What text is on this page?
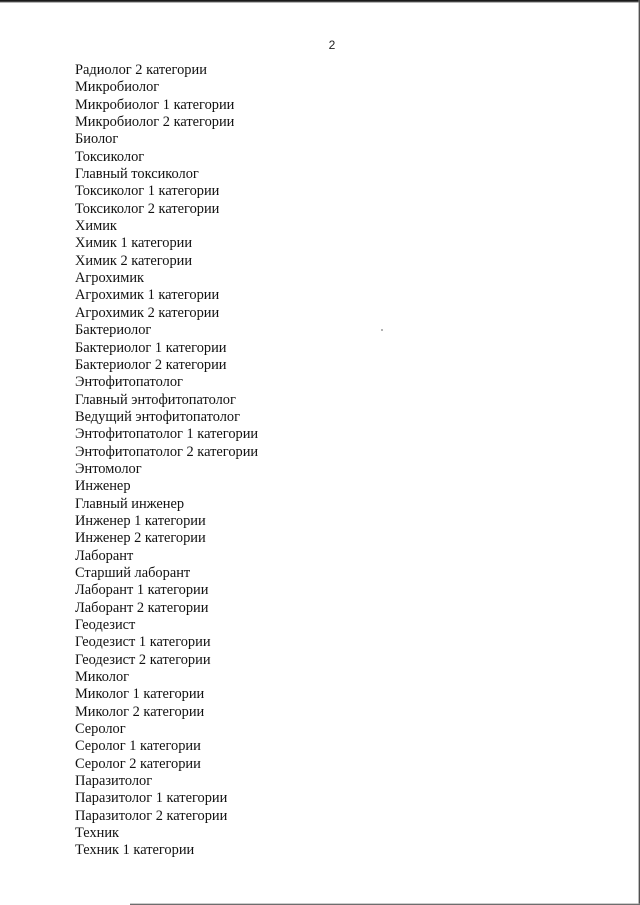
2
Радиолог 2 категории
Микробиолог
Микробиолог 1 категории
Микробиолог 2 категории
Биолог
Токсиколог
Главный токсиколог
Токсиколог 1 категории
Токсиколог 2 категории
Химик
Химик 1 категории
Химик 2 категории
Агрохимик
Агрохимик 1 категории
Агрохимик 2 категории
Бактериолог
Бактериолог 1 категории
Бактериолог 2 категории
Энтофитопатолог
Главный энтофитопатолог
Ведущий энтофитопатолог
Энтофитопатолог 1 категории
Энтофитопатолог 2 категории
Энтомолог
Инженер
Главный инженер
Инженер 1 категории
Инженер 2 категории
Лаборант
Старший лаборант
Лаборант 1 категории
Лаборант 2 категории
Геодезист
Геодезист 1 категории
Геодезист 2 категории
Миколог
Миколог 1 категории
Миколог 2 категории
Серолог
Серолог 1 категории
Серолог 2 категории
Паразитолог
Паразитолог 1 категории
Паразитолог 2 категории
Техник
Техник 1 категории
